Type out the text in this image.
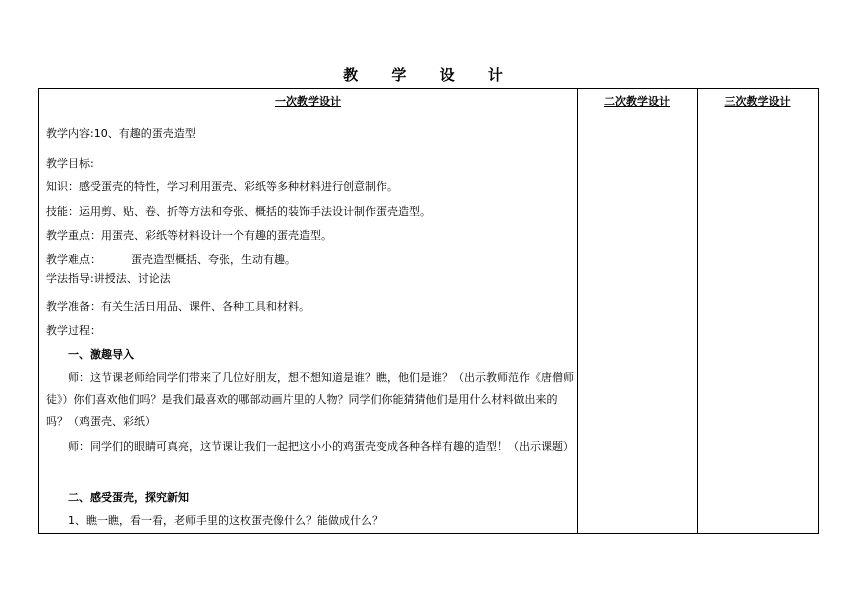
教 学 设 计
一次教学设计	二次教学设计	三次教学设计
教学内容:10、有趣的蛋壳造型
教学目标:
知识：感受蛋壳的特性，学习利用蛋壳、彩纸等多种材料进行创意制作。
技能：运用剪、贴、卷、折等方法和夸张、概括的装饰手法设计制作蛋壳造型。
教学重点：用蛋壳、彩纸等材料设计一个有趣的蛋壳造型。
教学难点：	蛋壳造型概括、夸张，生动有趣。
学法指导:讲授法、讨论法
教学准备：有关生活日用品、课件、各种工具和材料。
教学过程：
一、激趣导入
师：这节课老师给同学们带来了几位好朋友，想不想知道是谁？瞧，他们是谁？（出示教师范作《唐僧师徒》）你们喜欢他们吗？是我们最喜欢的哪部动画片里的人物？同学们你能猜猜他们是用什么材料做出来的吗？（鸡蛋壳、彩纸）
师：同学们的眼睛可真亮，这节课让我们一起把这小小的鸡蛋壳变成各种各样有趣的造型！（出示课题）
二、感受蛋壳，探究新知
1、瞧一瞧，看一看，老师手里的这枚蛋壳像什么？能做成什么？
